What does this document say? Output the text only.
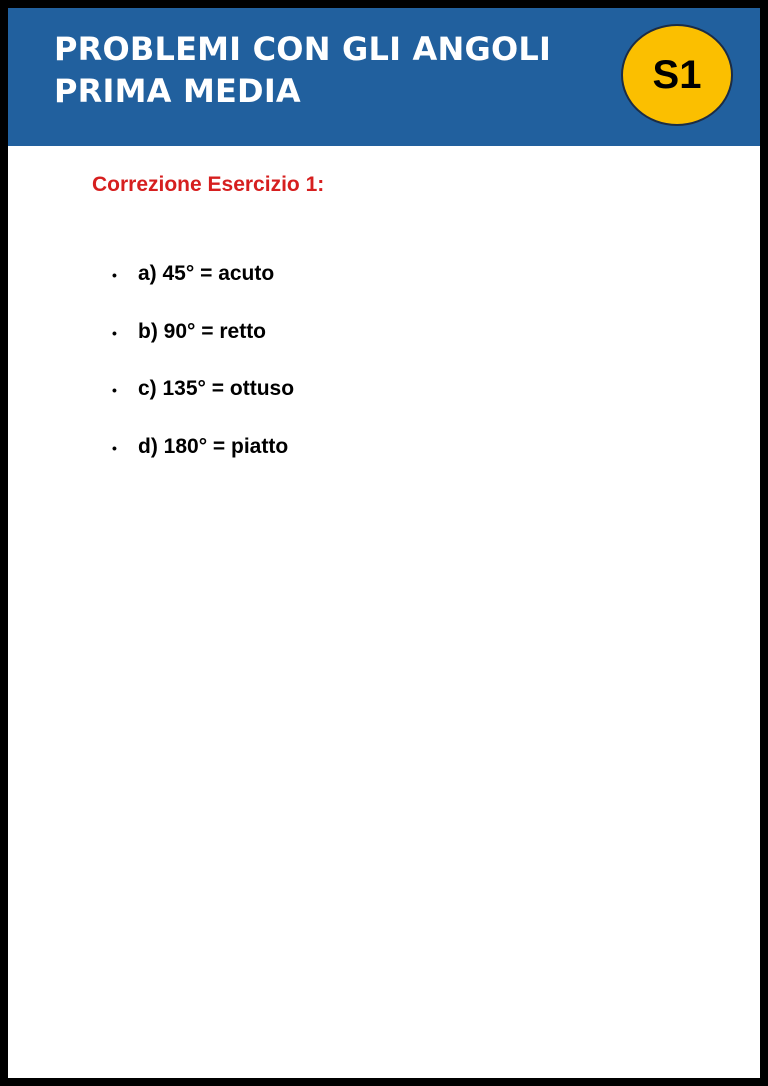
PROBLEMI CON GLI ANGOLI
PRIMA MEDIA	S1
Correzione Esercizio 1:
•	a) 45° = acuto
•	b) 90° = retto
•	c) 135° = ottuso
•	d) 180° = piatto
